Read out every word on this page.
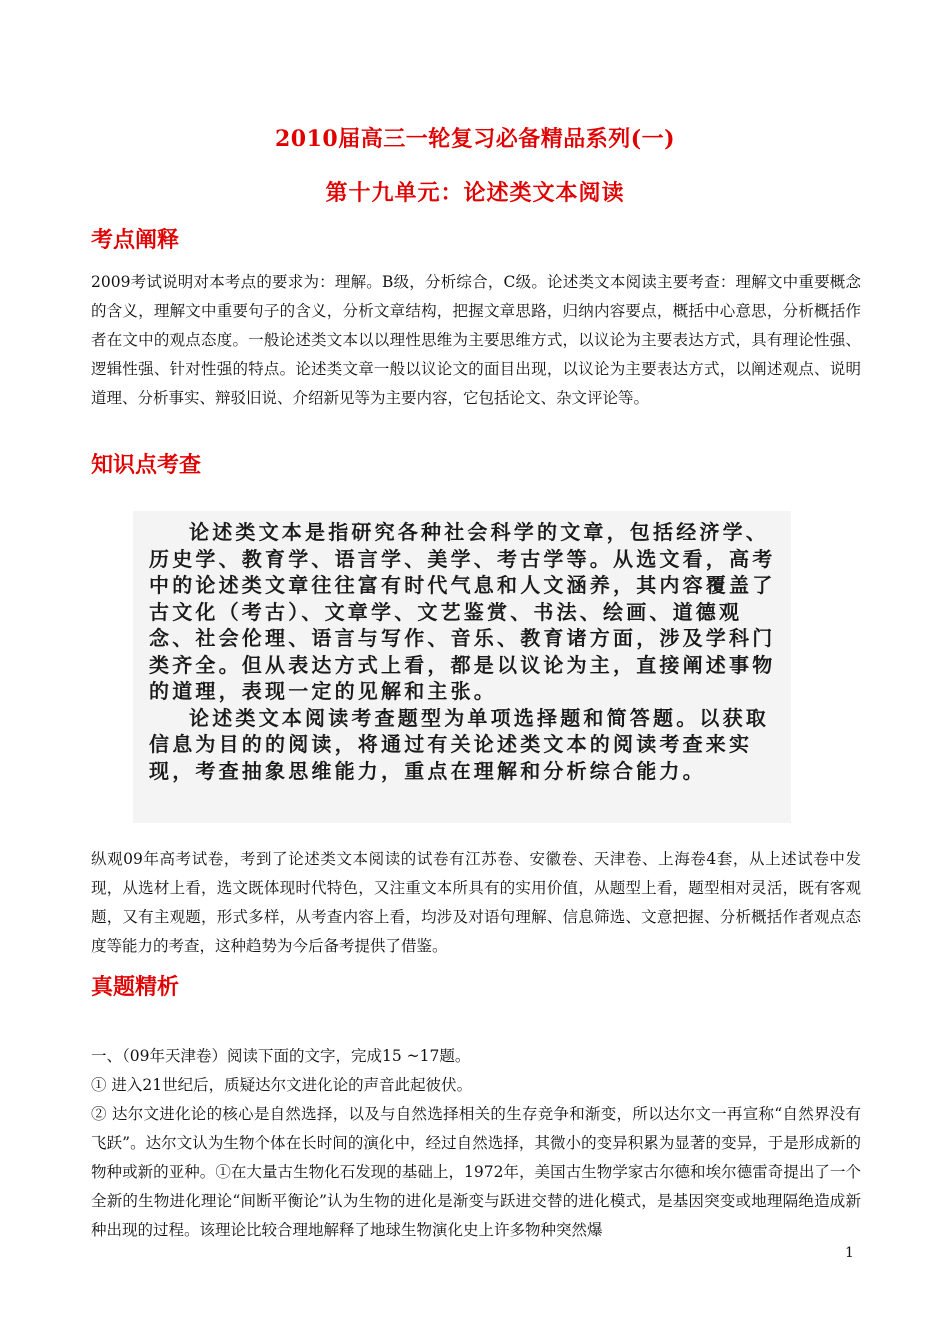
2010届高三一轮复习必备精品系列(一)
第十九单元：论述类文本阅读
考点阐释

2009考试说明对本考点的要求为：理解。B级，分析综合，C级。论述类文本阅读主要考查：理解文中重要概念的含义，理解文中重要句子的含义，分析文章结构，把握文章思路，归纳内容要点，概括中心意思，分析概括作者在文中的观点态度。一般论述类文本以以理性思维为主要思维方式，以议论为主要表达方式，具有理论性强、逻辑性强、针对性强的特点。论述类文章一般以议论文的面目出现，以议论为主要表达方式，以阐述观点、说明道理、分析事实、辩驳旧说、介绍新见等为主要内容，它包括论文、杂文评论等。

知识点考查

论述类文本是指研究各种社会科学的文章，包括经济学、历史学、教育学、语言学、美学、考古学等。从选文看，高考中的论述类文章往往富有时代气息和人文涵养，其内容覆盖了古文化（考古）、文章学、文艺鉴赏、书法、绘画、道德观念、社会伦理、语言与写作、音乐、教育诸方面，涉及学科门类齐全。但从表达方式上看，都是以议论为主，直接阐述事物的道理，表现一定的见解和主张。

论述类文本阅读考查题型为单项选择题和简答题。以获取信息为目的的阅读，将通过有关论述类文本的阅读考查来实现，考查抽象思维能力，重点在理解和分析综合能力。

纵观09年高考试卷，考到了论述类文本阅读的试卷有江苏卷、安徽卷、天津卷、上海卷4套，从上述试卷中发现，从选材上看，选文既体现时代特色，又注重文本所具有的实用价值，从题型上看，题型相对灵活，既有客观题，又有主观题，形式多样，从考查内容上看，均涉及对语句理解、信息筛选、文意把握、分析概括作者观点态度等能力的考查，这种趋势为今后备考提供了借鉴。

真题精析

一、（09年天津卷）阅读下面的文字，完成15 ~17题。

① 进入21世纪后，质疑达尔文进化论的声音此起彼伏。

② 达尔文进化论的核心是自然选择，以及与自然选择相关的生存竞争和渐变，所以达尔文一再宣称“自然界没有飞跃”。达尔文认为生物个体在长时间的演化中，经过自然选择，其微小的变异积累为显著的变异，于是形成新的物种或新的亚种。①在大量古生物化石发现的基础上，1972年，美国古生物学家古尔德和埃尔德雷奇提出了一个全新的生物进化理论“间断平衡论”认为生物的进化是渐变与跃进交替的进化模式，是基因突变或地理隔绝造成新种出现的过程。该理论比较合理地解释了地球生物演化史上许多物种突然爆

1
